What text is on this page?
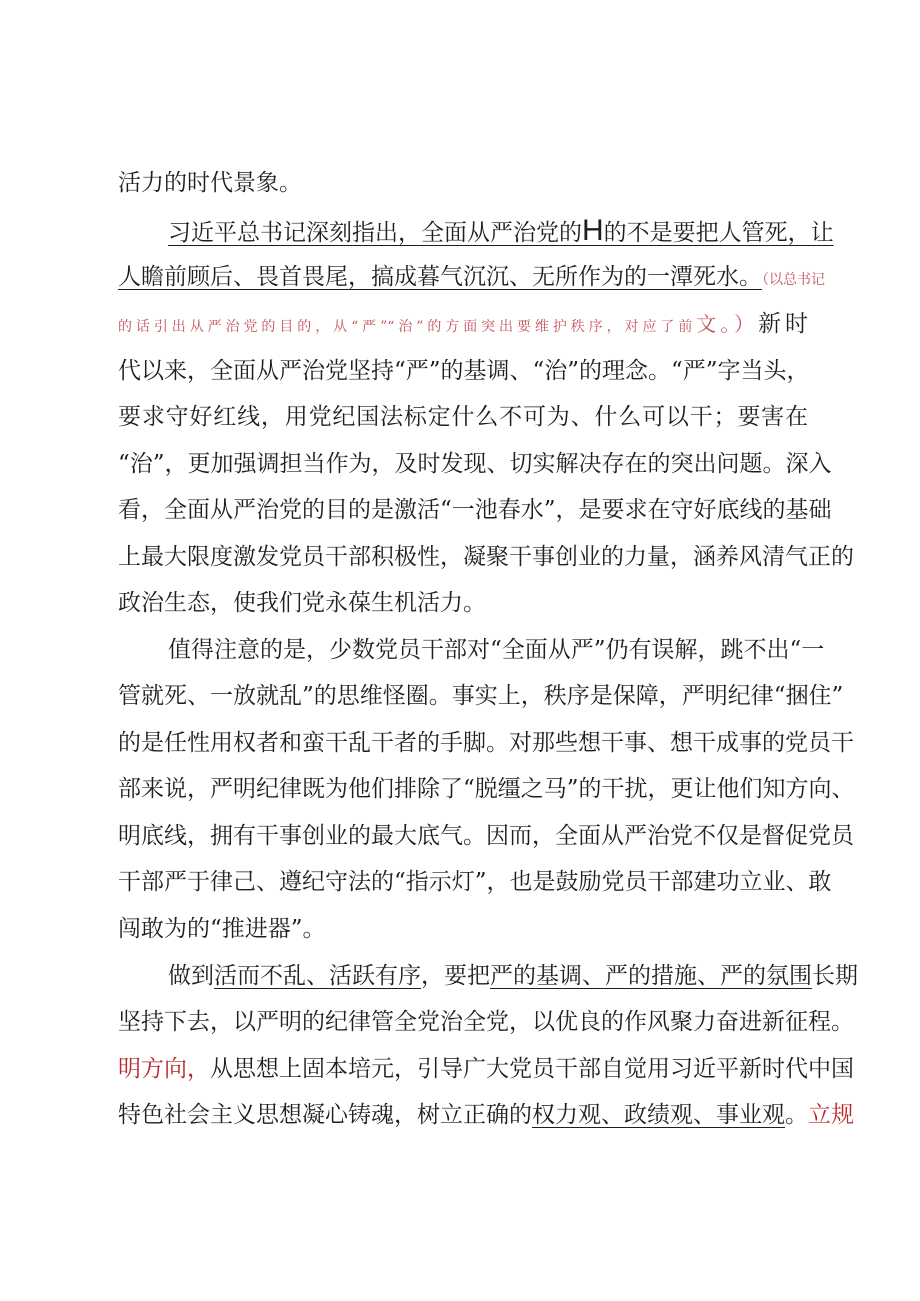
活力的时代景象。
习近平总书记深刻指出，全面从严治党的H的不是要把人管死，让
人瞻前顾后、畏首畏尾，搞成暮气沉沉、无所作为的一潭死水。（以总书记
的话引出从严治党的目的，从“严”“治”的方面突出要维护秩序，对应了前文。）新时
代以来，全面从严治党坚持“严”的基调、“治”的理念。“严”字当头，
要求守好红线，用党纪国法标定什么不可为、什么可以干；要害在
“治”，更加强调担当作为，及时发现、切实解决存在的突出问题。深入
看，全面从严治党的目的是激活“一池春水”，是要求在守好底线的基础
上最大限度激发党员干部积极性，凝聚干事创业的力量，涵养风清气正的
政治生态，使我们党永葆生机活力。
值得注意的是，少数党员干部对“全面从严”仍有误解，跳不出“一
管就死、一放就乱”的思维怪圈。事实上，秩序是保障，严明纪律“捆住”
的是任性用权者和蛮干乱干者的手脚。对那些想干事、想干成事的党员干
部来说，严明纪律既为他们排除了“脱缰之马”的干扰，更让他们知方向、
明底线，拥有干事创业的最大底气。因而，全面从严治党不仅是督促党员
干部严于律己、遵纪守法的“指示灯”，也是鼓励党员干部建功立业、敢
闯敢为的“推进器”。
做到活而不乱、活跃有序，要把严的基调、严的措施、严的氛围长期
坚持下去，以严明的纪律管全党治全党，以优良的作风聚力奋进新征程。
明方向，从思想上固本培元，引导广大党员干部自觉用习近平新时代中国
特色社会主义思想凝心铸魂，树立正确的权力观、政绩观、事业观。立规
